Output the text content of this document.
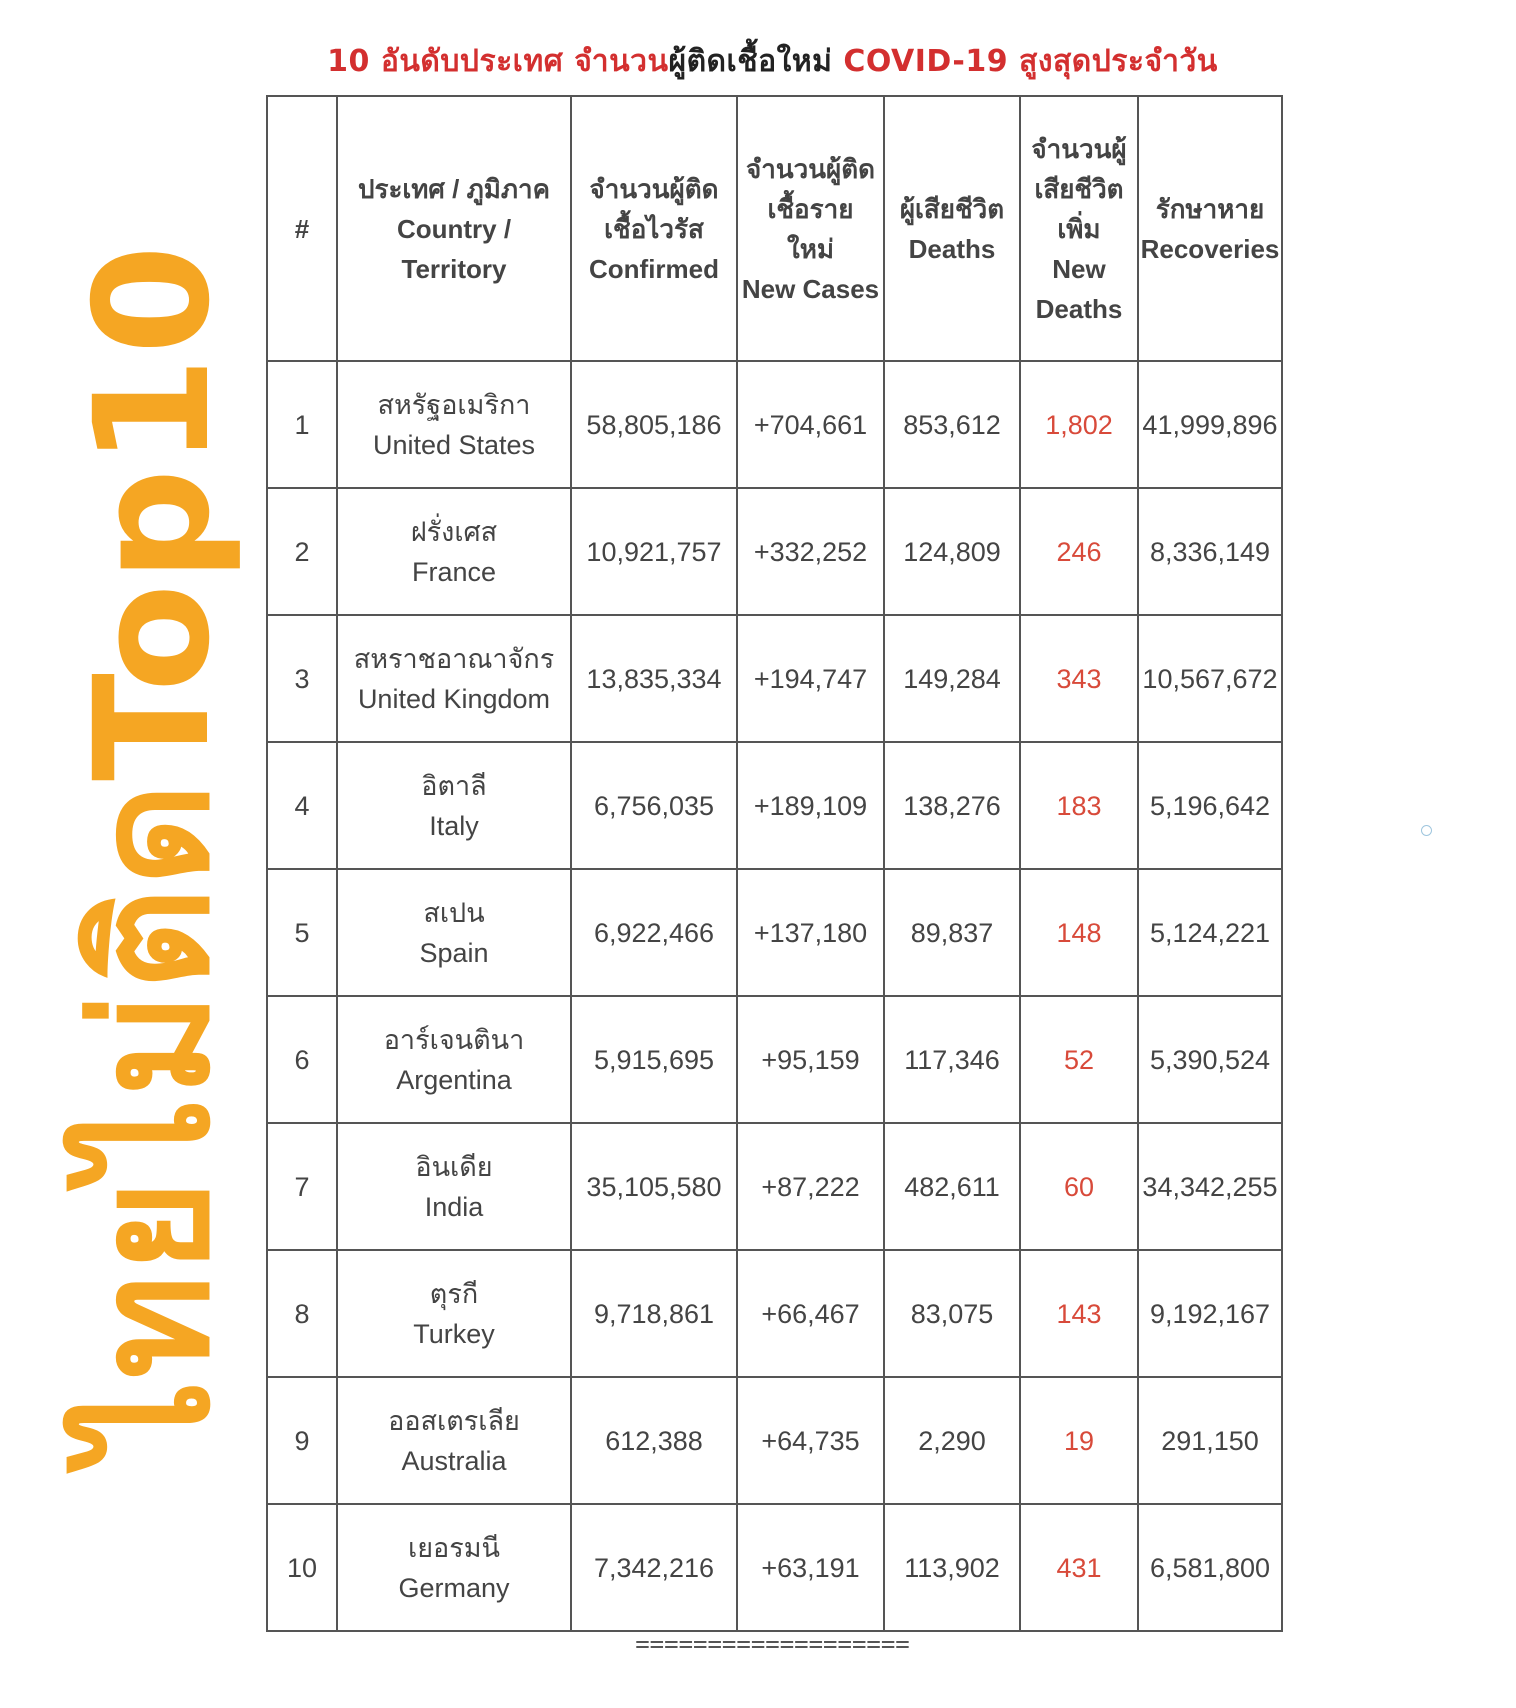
10 อันดับประเทศ จำนวนผู้ติดเชื้อใหม่ COVID-19 สูงสุดประจำวัน
ไทยไม่ติดTop10
#	ประเทศ / ภูมิภาค
Country /
Territory	จำนวนผู้ติด
เชื้อไวรัส
Confirmed	จำนวนผู้ติด
เชื้อราย
ใหม่
New Cases	ผู้เสียชีวิต
Deaths	จำนวนผู้
เสียชีวิต
เพิ่ม
New
Deaths	รักษาหาย
Recoveries

1	สหรัฐอเมริกา
United States	58,805,186	+704,661	853,612	1,802	41,999,896
2	ฝรั่งเศส
France	10,921,757	+332,252	124,809	246	8,336,149
3	สหราชอาณาจักร
United Kingdom	13,835,334	+194,747	149,284	343	10,567,672
4	อิตาลี
Italy	6,756,035	+189,109	138,276	183	5,196,642
5	สเปน
Spain	6,922,466	+137,180	89,837	148	5,124,221
6	อาร์เจนตินา
Argentina	5,915,695	+95,159	117,346	52	5,390,524
7	อินเดีย
India	35,105,580	+87,222	482,611	60	34,342,255
8	ตุรกี
Turkey	9,718,861	+66,467	83,075	143	9,192,167
9	ออสเตรเลีย
Australia	612,388	+64,735	2,290	19	291,150
10	เยอรมนี
Germany	7,342,216	+63,191	113,902	431	6,581,800
===================
